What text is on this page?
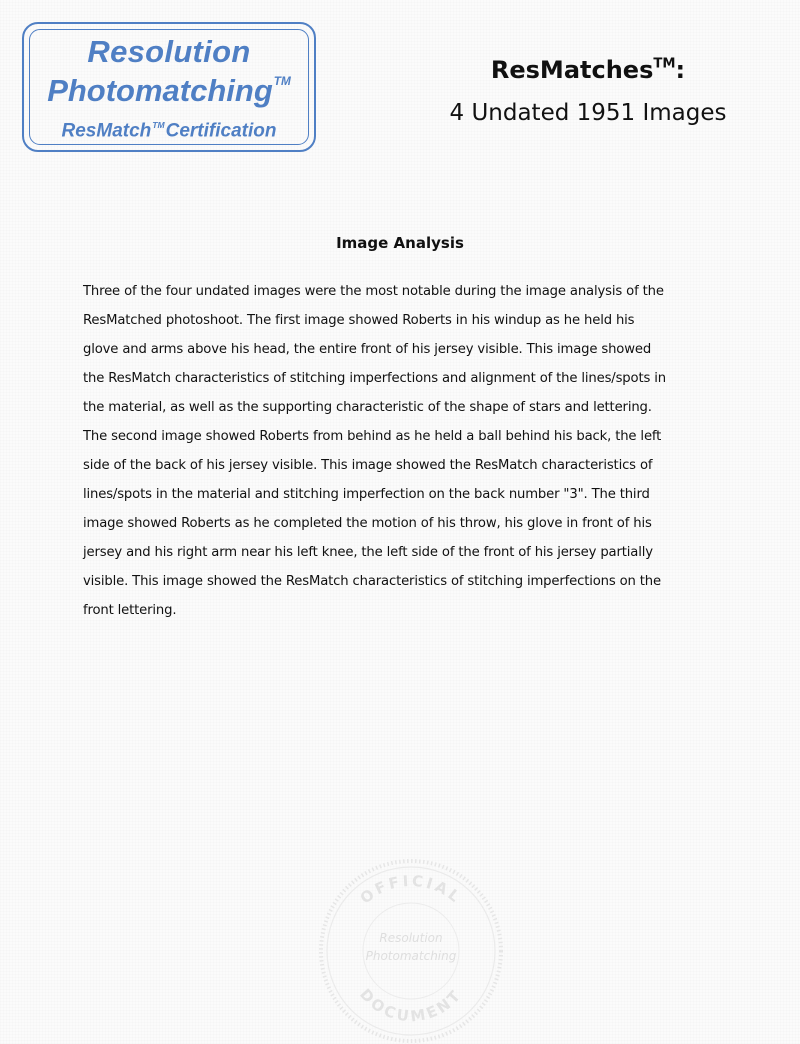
Resolution
Photomatching™
ResMatch™Certification
ResMatches™:
4 Undated 1951 Images
Image Analysis
Three of the four undated images were the most notable during the image analysis of the
ResMatched photoshoot. The first image showed Roberts in his windup as he held his
glove and arms above his head, the entire front of his jersey visible. This image showed
the ResMatch characteristics of stitching imperfections and alignment of the lines/spots in
the material, as well as the supporting characteristic of the shape of stars and lettering.
The second image showed Roberts from behind as he held a ball behind his back, the left
side of the back of his jersey visible. This image showed the ResMatch characteristics of
lines/spots in the material and stitching imperfection on the back number "3". The third
image showed Roberts as he completed the motion of his throw, his glove in front of his
jersey and his right arm near his left knee, the left side of the front of his jersey partially
visible. This image showed the ResMatch characteristics of stitching imperfections on the
front lettering.
OFFICIAL
DOCUMENT
Resolution
Photomatching
